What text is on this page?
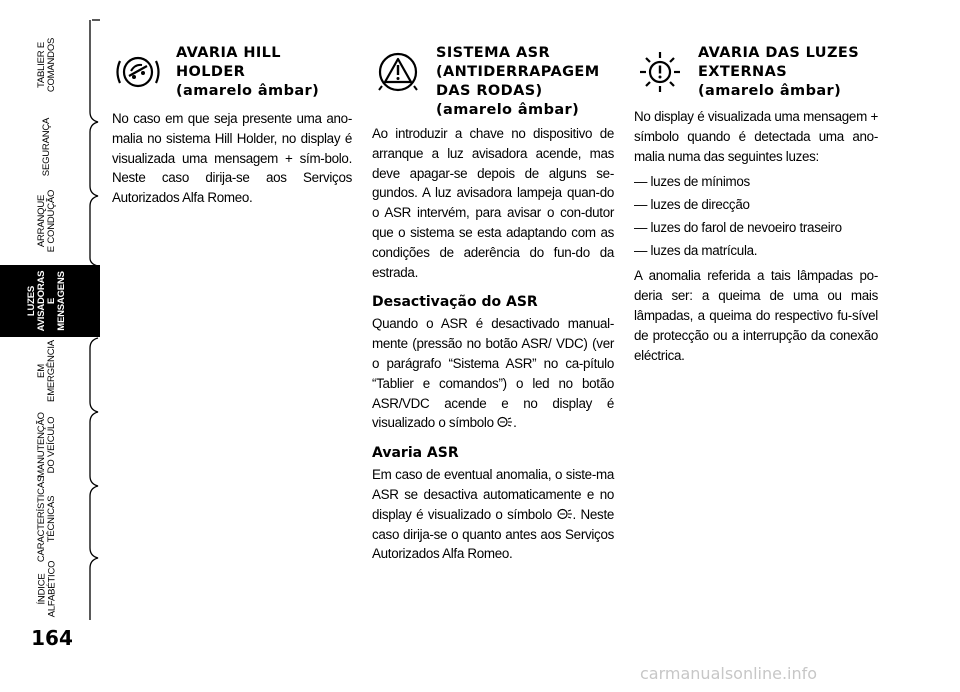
TABLIER E
COMANDOS
SEGURANÇA
ARRANQUE
E CONDUÇÃO
LUZES
AVISADORAS
E MENSAGENS
EM EMERGÊNCIA
MANUTENÇÃO
DO VEÍCULO
CARACTERÍSTICAS
TÉCNICAS
ÍNDICE
ALFABÉTICO
164
AVARIA HILL
HOLDER
(amarelo âmbar)

No caso em que seja presente uma ano-malia no sistema Hill Holder, no display é visualizada uma mensagem + sím-bolo. Neste caso dirija-se aos Serviços Autorizados Alfa Romeo.

SISTEMA ASR
(ANTIDERRAPAGEM
DAS RODAS)
(amarelo âmbar)

Ao introduzir a chave no dispositivo de arranque a luz avisadora acende, mas deve apagar-se depois de alguns se-gundos. A luz avisadora lampeja quan-do o ASR intervém, para avisar o con-dutor que o sistema se esta adaptando com as condições de aderência do fun-do da estrada.

Desactivação do ASR

Quando o ASR é desactivado manual-mente (pressão no botão ASR/ VDC) (ver o parágrafo “Sistema ASR” no ca-pítulo “Tablier e comandos”) o led no botão ASR/VDC acende e no display é visualizado o símbolo .

Avaria ASR

Em caso de eventual anomalia, o siste-ma ASR se desactiva automaticamente e no display é visualizado o símbolo . Neste caso dirija-se o quanto antes aos Serviços Autorizados Alfa Romeo.

AVARIA DAS LUZES
EXTERNAS
(amarelo âmbar)

No display é visualizada uma mensagem + símbolo quando é detectada uma ano-malia numa das seguintes luzes:

— luzes de mínimos
— luzes de direcção
— luzes do farol de nevoeiro traseiro
— luzes da matrícula.

A anomalia referida a tais lâmpadas po-deria ser: a queima de uma ou mais lâmpadas, a queima do respectivo fu-sível de protecção ou a interrupção da conexão eléctrica.

carmanualsonline.info
